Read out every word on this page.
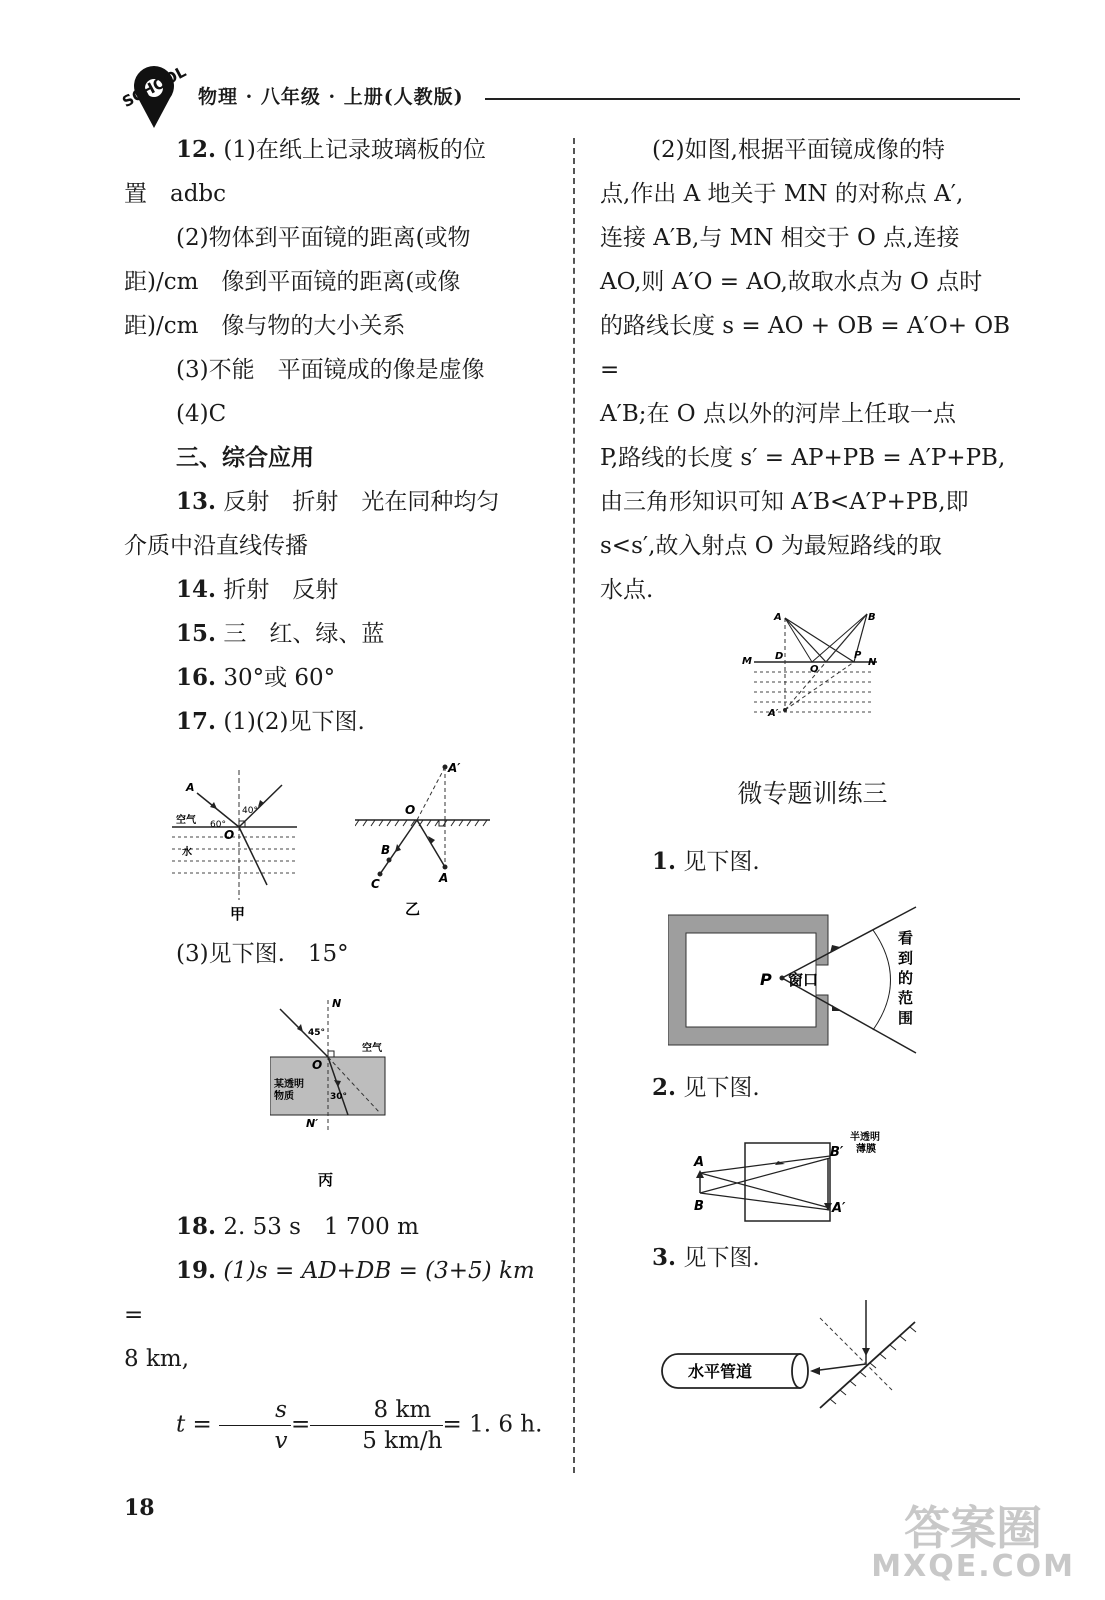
SCHOOL 物理 · 八年级 · 上册(人教版)

12. (1)在纸上记录玻璃板的位

置　adbc

(2)物体到平面镜的距离(或物

距)/cm　像到平面镜的距离(或像

距)/cm　像与物的大小关系

(3)不能　平面镜成的像是虚像

(4)C

三、综合应用

13. 反射　折射　光在同种均匀

介质中沿直线传播

14. 折射　反射

15. 三　红、绿、蓝

16. 30°或 60°

17. (1)(2)见下图.

A
40°
60°
空气
O
水
甲
A′
O
B
C	A
乙

(3)见下图.　15°

N
45°
O
空气
某透明
物质	30°
N′
丙

18. 2. 53 s　1 700 m

19. (1)s = AD+DB = (3+5) km =

8 km,

$t = \frac{s}{v} = \frac{8 km}{5 km/h} = 1$. 6 h.

(2)如图,根据平面镜成像的特

点,作出 A 地关于 MN 的对称点 A′,

连接 A′B,与 MN 相交于 O 点,连接

AO,则 A′O = AO,故取水点为 O 点时

的路线长度 s = AO + OB = A′O+ OB =

A′B;在 O 点以外的河岸上任取一点

P,路线的长度 s′ = AP+PB = A′P+PB,

由三角形知识可知 A′B<A′P+PB,即

s<s′,故入射点 O 为最短路线的取

水点.

A	B
M D
O
P
N
A′
微专题训练三

1. 见下图.

P 窗口
看到的范围
看到的范围

2. 见下图.

A
B
B′
A′
半透明
薄膜

3. 见下图.

水平管道
18	答案圈
MXQE.COM
